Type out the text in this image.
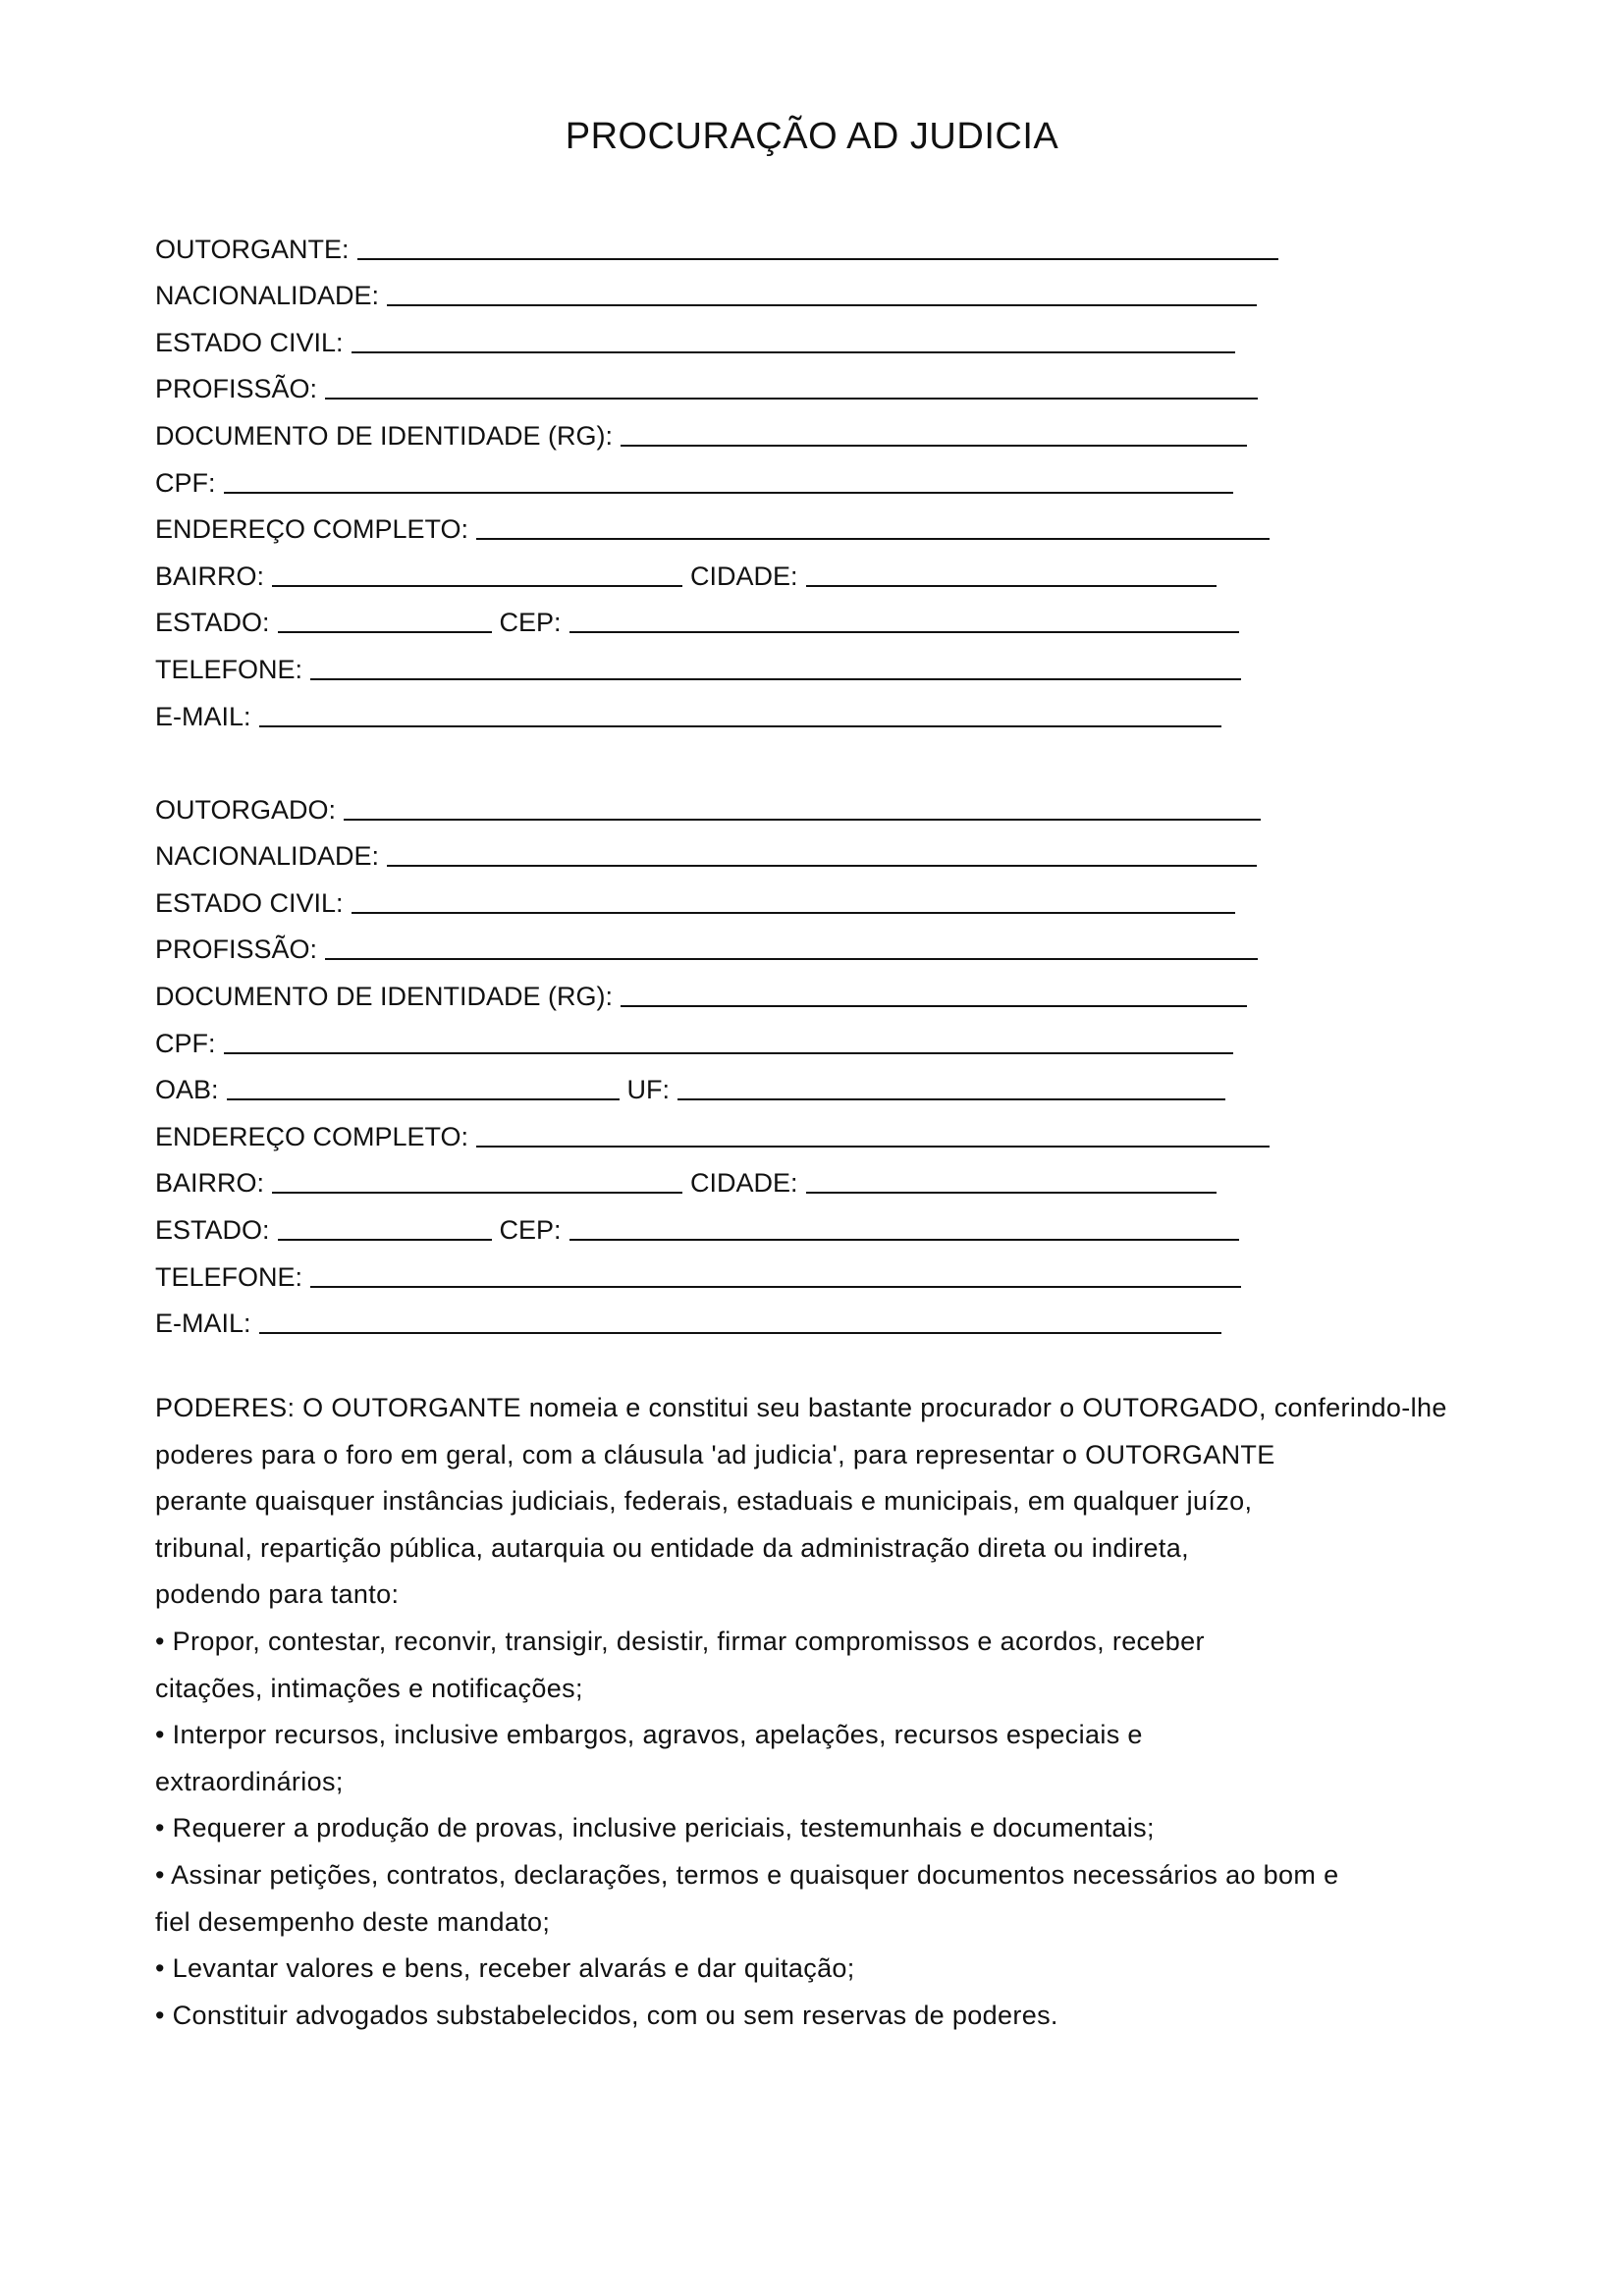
PROCURAÇÃO AD JUDICIA
OUTORGANTE:
NACIONALIDADE:
ESTADO CIVIL:
PROFISSÃO:
DOCUMENTO DE IDENTIDADE (RG):
CPF:
ENDEREÇO COMPLETO:
BAIRRO:	CIDADE:
ESTADO:	CEP:
TELEFONE:
E-MAIL:
OUTORGADO:
NACIONALIDADE:
ESTADO CIVIL:
PROFISSÃO:
DOCUMENTO DE IDENTIDADE (RG):
CPF:
OAB:	UF:
ENDEREÇO COMPLETO:
BAIRRO:	CIDADE:
ESTADO:	CEP:
TELEFONE:
E-MAIL:

PODERES: O OUTORGANTE nomeia e constitui seu bastante procurador o OUTORGADO, conferindo-lhe

poderes para o foro em geral, com a cláusula 'ad judicia', para representar o OUTORGANTE

perante quaisquer instâncias judiciais, federais, estaduais e municipais, em qualquer juízo,

tribunal, repartição pública, autarquia ou entidade da administração direta ou indireta,

podendo para tanto:

• Propor, contestar, reconvir, transigir, desistir, firmar compromissos e acordos, receber

citações, intimações e notificações;

• Interpor recursos, inclusive embargos, agravos, apelações, recursos especiais e

extraordinários;

• Requerer a produção de provas, inclusive periciais, testemunhais e documentais;

• Assinar petições, contratos, declarações, termos e quaisquer documentos necessários ao bom e

fiel desempenho deste mandato;

• Levantar valores e bens, receber alvarás e dar quitação;

• Constituir advogados substabelecidos, com ou sem reservas de poderes.
